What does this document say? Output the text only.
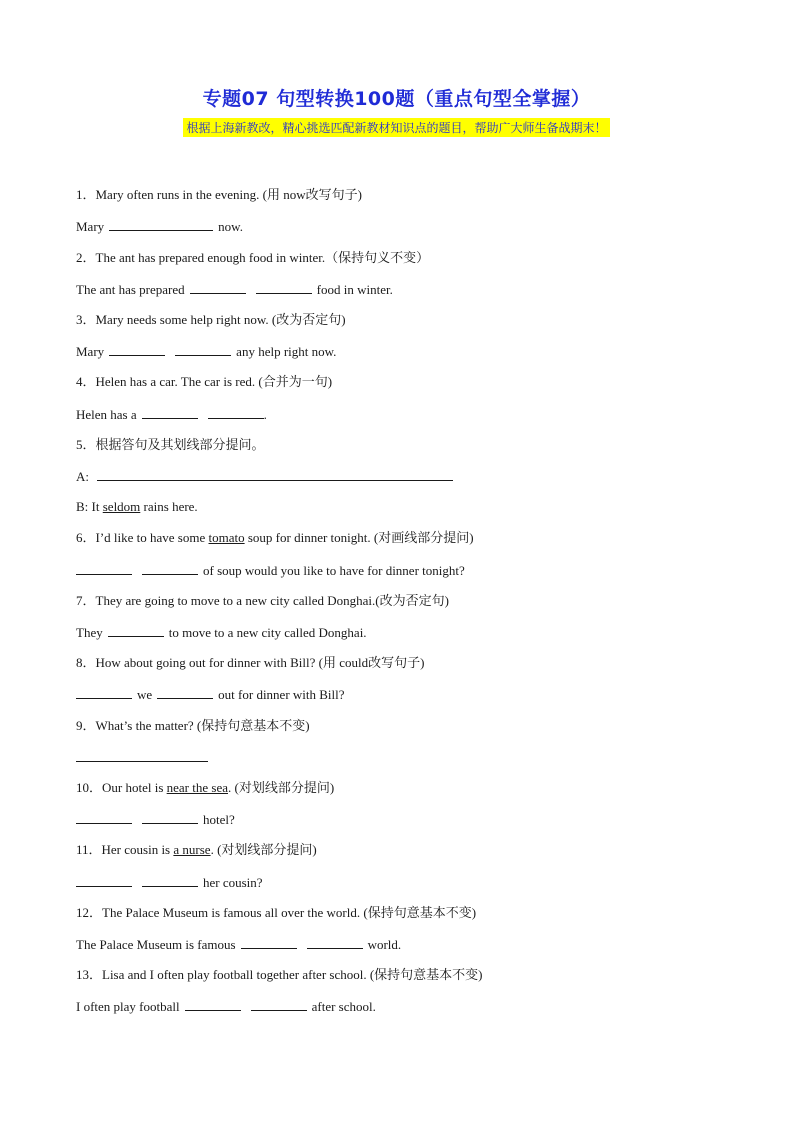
专题07 句型转换100题（重点句型全掌握）
根据上海新教改，精心挑选匹配新教材知识点的题目，帮助广大师生备战期末！
1．Mary often runs in the evening. (用 now改写句子)
Mary	now.
2．The ant has prepared enough food in winter.（保持句义不变）
The ant has prepared	food in winter.
3．Mary needs some help right now. (改为否定句)
Mary	any help right now.
4．Helen has a car. The car is red. (合并为一句)
Helen has a	.
5．根据答句及其划线部分提问。
A:
B: It seldom rains here.
6．I’d like to have some tomato soup for dinner tonight. (对画线部分提问)
of soup would you like to have for dinner tonight?
7．They are going to move to a new city called Donghai.(改为否定句)
They	to move to a new city called Donghai.
8．How about going out for dinner with Bill? (用 could改写句子)
we	out for dinner with Bill?
9．What’s the matter? (保持句意基本不变)
10．Our hotel is near the sea. (对划线部分提问)
hotel?
11．Her cousin is a nurse. (对划线部分提问)
her cousin?
12．The Palace Museum is famous all over the world. (保持句意基本不变)
The Palace Museum is famous	world.
13．Lisa and I often play football together after school. (保持句意基本不变)
I often play football	after school.
